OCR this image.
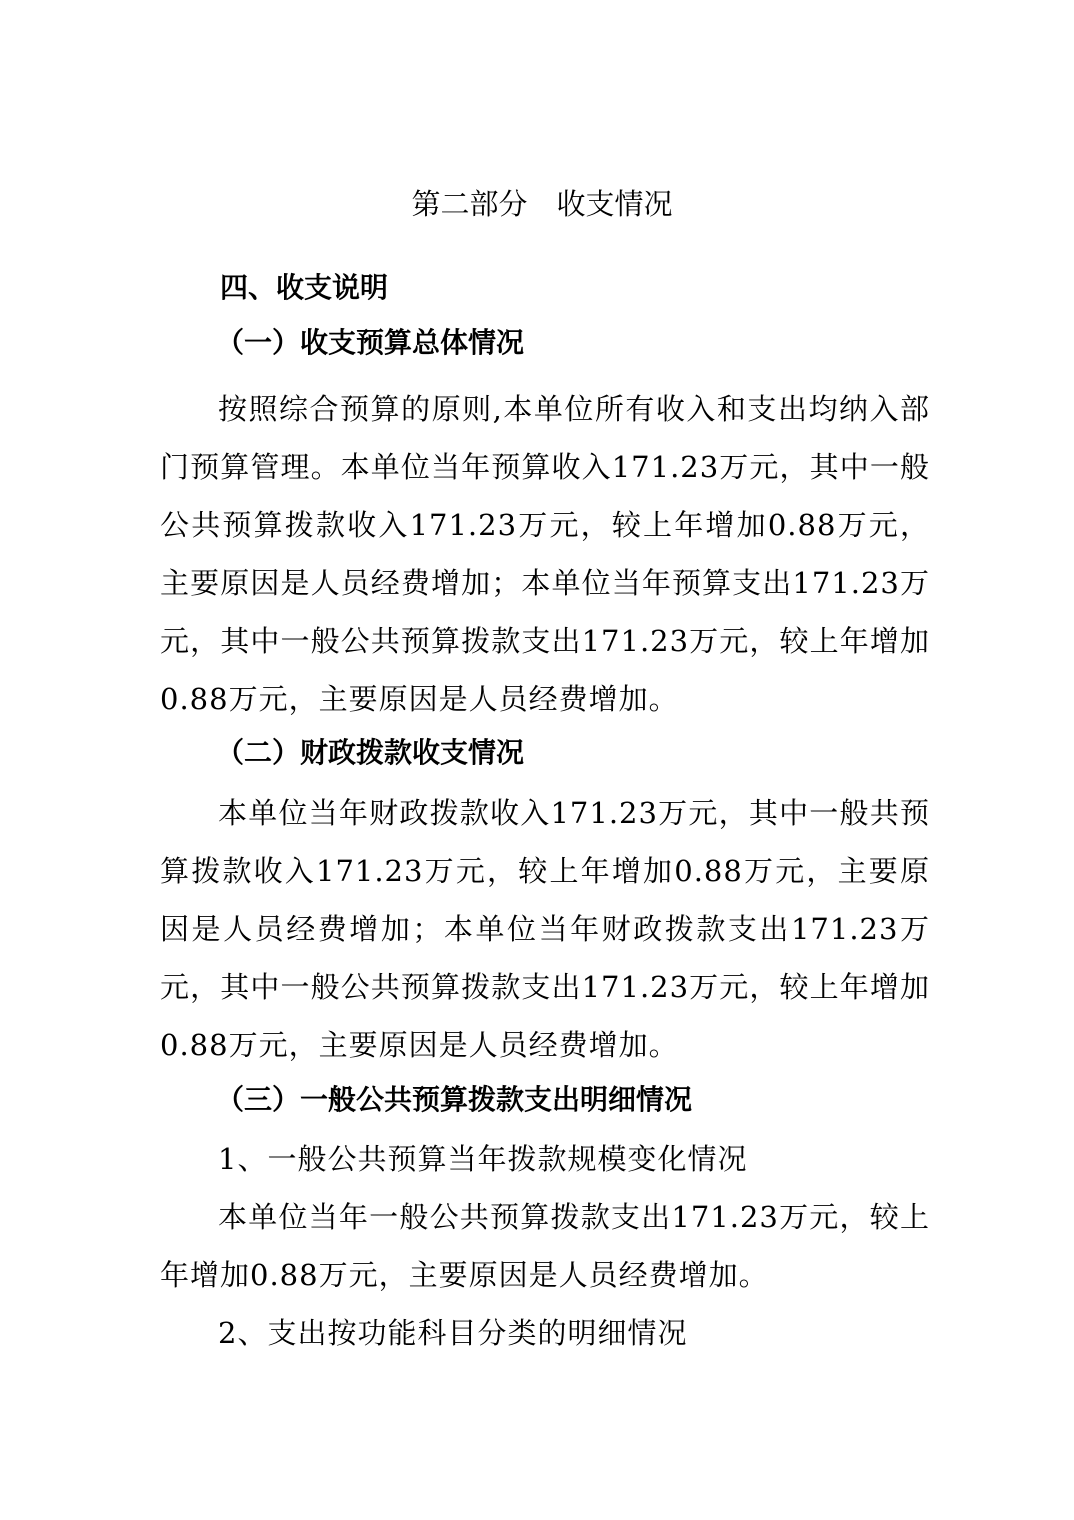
第二部分　收支情况
四、收支说明
（一）收支预算总体情况
按照综合预算的原则,本单位所有收入和支出均纳入部门预算管理。本单位当年预算收入171.23万元，其中一般公共预算拨款收入171.23万元，较上年增加0.88万元，主要原因是人员经费增加；本单位当年预算支出171.23万元，其中一般公共预算拨款支出171.23万元，较上年增加0.88万元，主要原因是人员经费增加。
（二）财政拨款收支情况
本单位当年财政拨款收入171.23万元，其中一般共预算拨款收入171.23万元，较上年增加0.88万元，主要原因是人员经费增加；本单位当年财政拨款支出171.23万元，其中一般公共预算拨款支出171.23万元，较上年增加0.88万元，主要原因是人员经费增加。
（三）一般公共预算拨款支出明细情况
1、一般公共预算当年拨款规模变化情况
本单位当年一般公共预算拨款支出171.23万元，较上年增加0.88万元，主要原因是人员经费增加。
2、支出按功能科目分类的明细情况
